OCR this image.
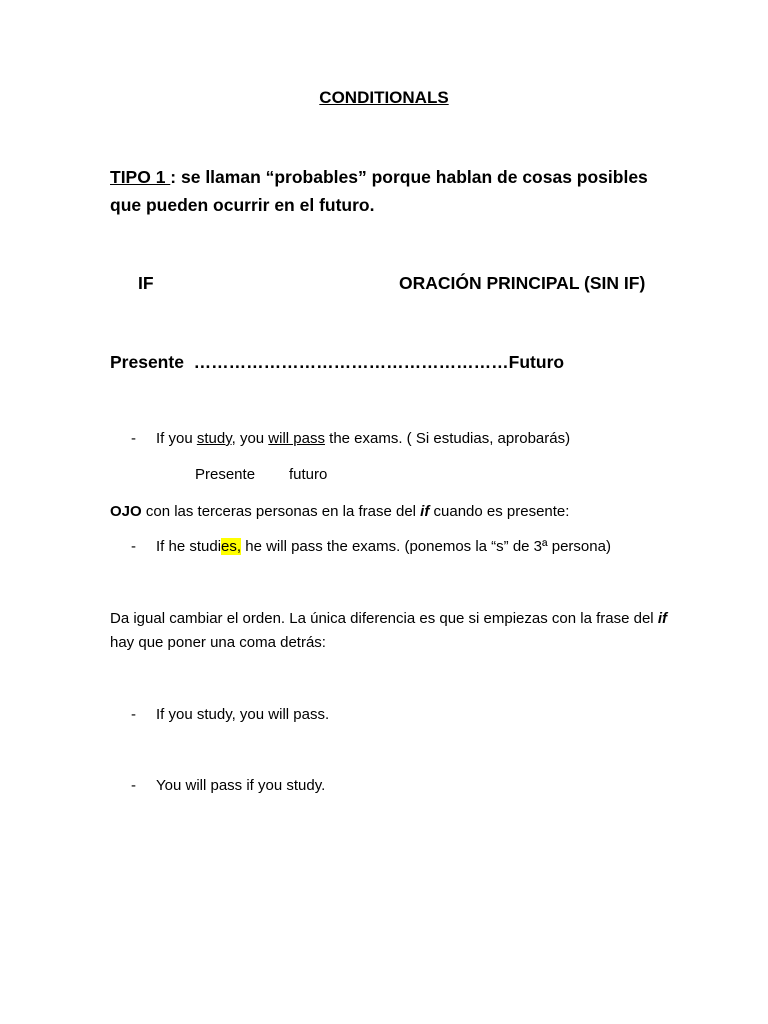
CONDITIONALS
TIPO 1 : se llaman “probables” porque hablan de cosas posibles
que pueden ocurrir en el futuro.
IF	ORACIÓN PRINCIPAL (SIN IF)
Presente ………………………………………………Futuro
- If you study, you will pass the exams. ( Si estudias, aprobarás)
Presente futuro
OJO con las terceras personas en la frase del if cuando es presente:
- If he studies, he will pass the exams. (ponemos la “s” de 3ª persona)
Da igual cambiar el orden. La única diferencia es que si empiezas con la frase del if
hay que poner una coma detrás:
- If you study, you will pass.
- You will pass if you study.
